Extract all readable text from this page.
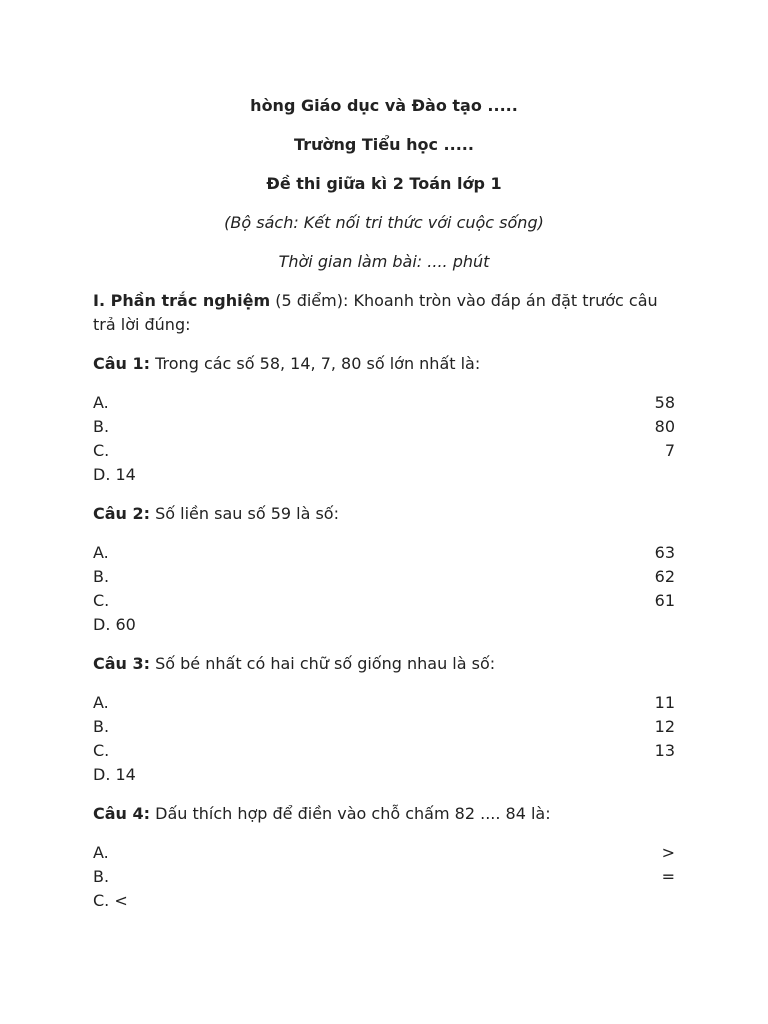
hòng Giáo dục và Đào tạo .....
Trường Tiểu học .....
Đề thi giữa kì 2 Toán lớp 1
(Bộ sách: Kết nối tri thức với cuộc sống)
Thời gian làm bài: .... phút
I. Phần trắc nghiệm (5 điểm): Khoanh tròn vào đáp án đặt trước câu trả lời đúng:
Câu 1: Trong các số 58, 14, 7, 80 số lớn nhất là:
A.	58
B.	80
C.	7
D. 14
Câu 2: Số liền sau số 59 là số:
A.	63
B.	62
C.	61
D. 60
Câu 3: Số bé nhất có hai chữ số giống nhau là số:
A.	11
B.	12
C.	13
D. 14
Câu 4: Dấu thích hợp để điền vào chỗ chấm 82 .... 84 là:
A.	>
B.	=
C. <
